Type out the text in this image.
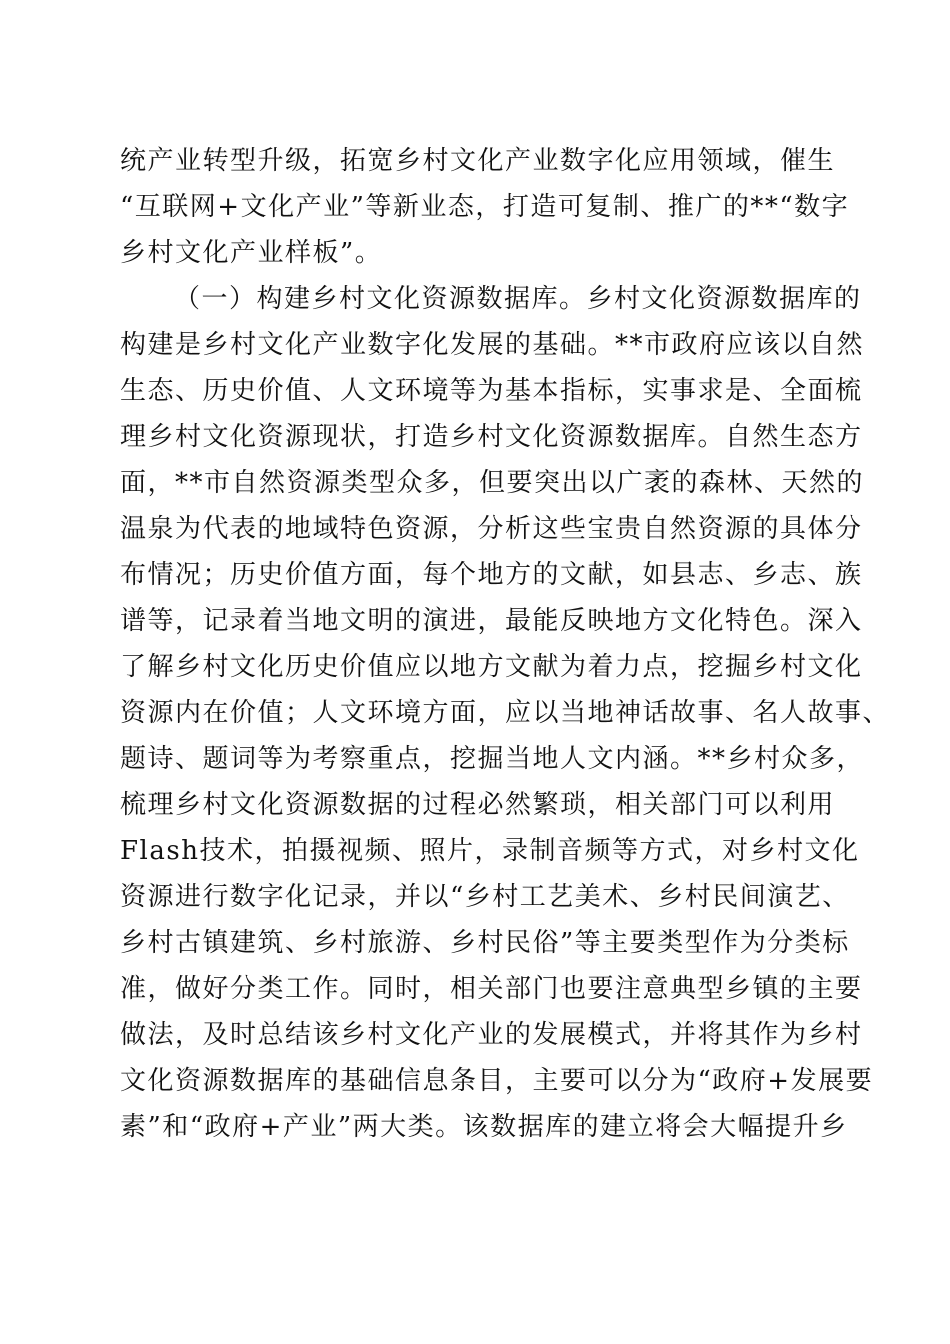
统产业转型升级，拓宽乡村文化产业数字化应用领域，催生
“互联网+文化产业”等新业态，打造可复制、推广的**“数字
乡村文化产业样板”。
（一）构建乡村文化资源数据库。乡村文化资源数据库的
构建是乡村文化产业数字化发展的基础。**市政府应该以自然
生态、历史价值、人文环境等为基本指标，实事求是、全面梳
理乡村文化资源现状，打造乡村文化资源数据库。自然生态方
面，**市自然资源类型众多，但要突出以广袤的森林、天然的
温泉为代表的地域特色资源，分析这些宝贵自然资源的具体分
布情况；历史价值方面，每个地方的文献，如县志、乡志、族
谱等，记录着当地文明的演进，最能反映地方文化特色。深入
了解乡村文化历史价值应以地方文献为着力点，挖掘乡村文化
资源内在价值；人文环境方面，应以当地神话故事、名人故事、
题诗、题词等为考察重点，挖掘当地人文内涵。**乡村众多，
梳理乡村文化资源数据的过程必然繁琐，相关部门可以利用
Flash技术，拍摄视频、照片，录制音频等方式，对乡村文化
资源进行数字化记录，并以“乡村工艺美术、乡村民间演艺、
乡村古镇建筑、乡村旅游、乡村民俗”等主要类型作为分类标
准，做好分类工作。同时，相关部门也要注意典型乡镇的主要
做法，及时总结该乡村文化产业的发展模式，并将其作为乡村
文化资源数据库的基础信息条目，主要可以分为“政府+发展要
素”和“政府+产业”两大类。该数据库的建立将会大幅提升乡
